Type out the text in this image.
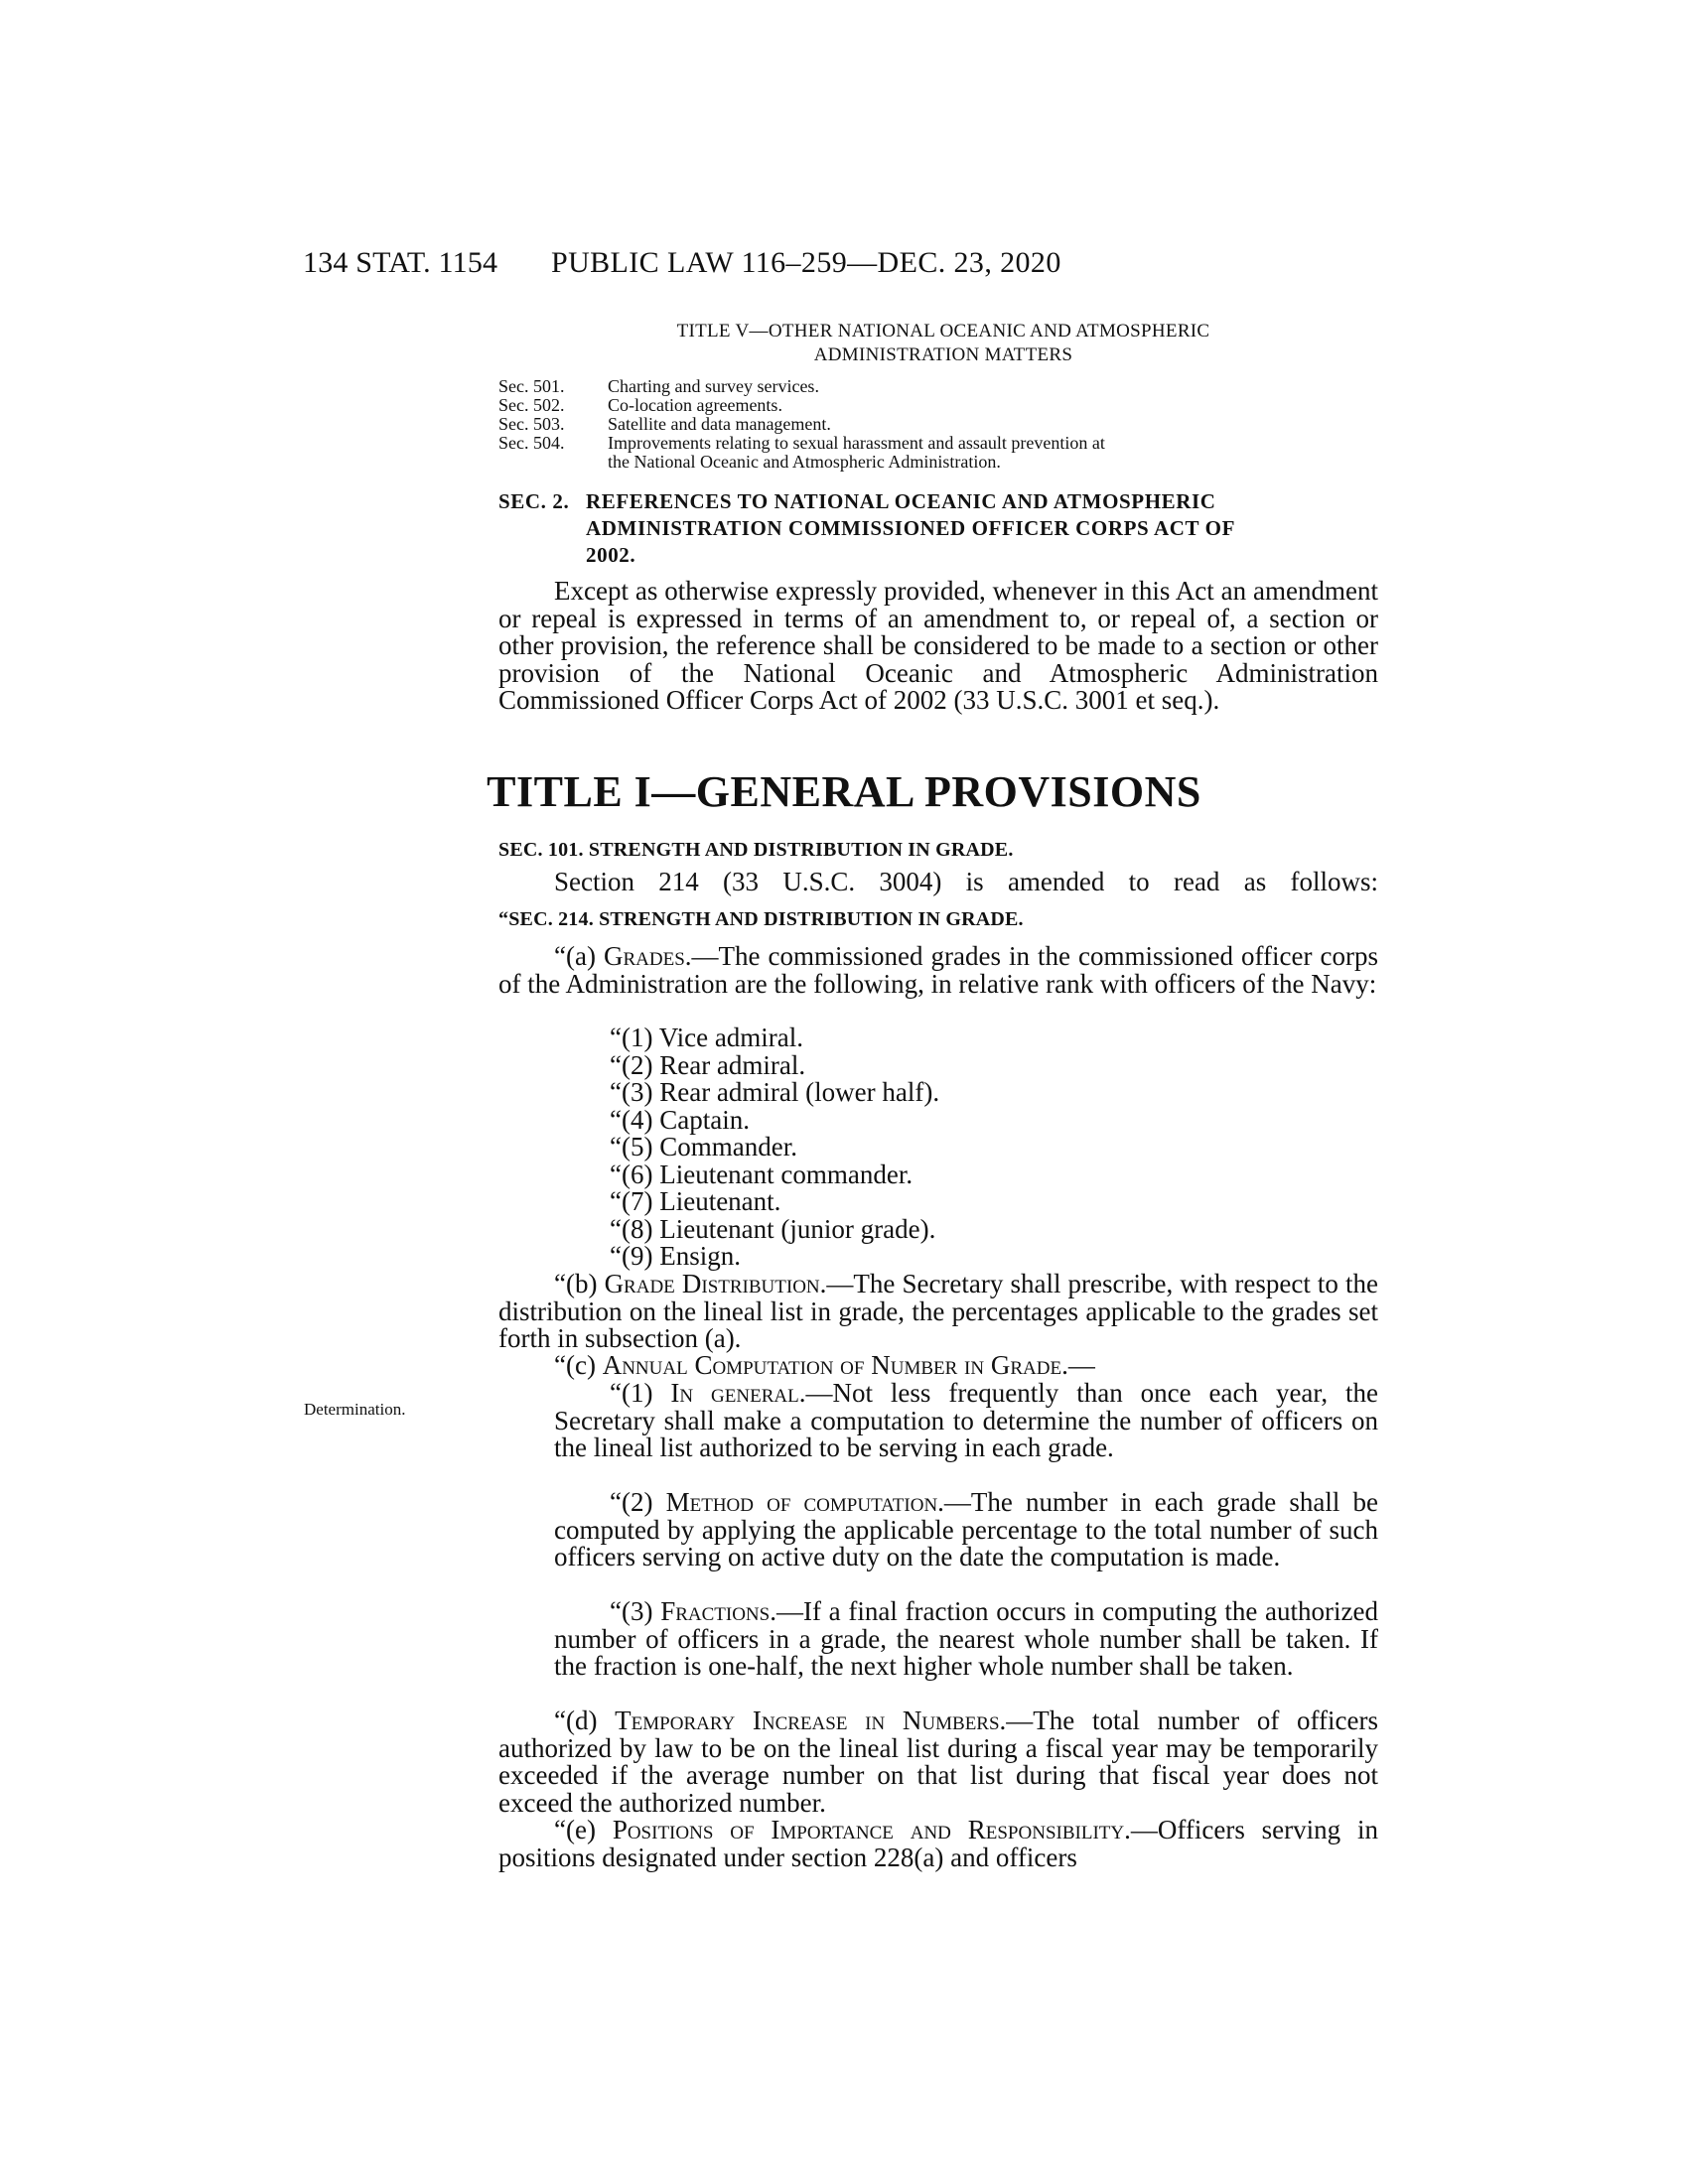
134 STAT. 1154 PUBLIC LAW 116–259—DEC. 23, 2020
TITLE V—OTHER NATIONAL OCEANIC AND ATMOSPHERIC
ADMINISTRATION MATTERS
Sec. 501.	Charting and survey services.
Sec. 502.	Co-location agreements.
Sec. 503.	Satellite and data management.
Sec. 504.	Improvements relating to sexual harassment and assault prevention at
the National Oceanic and Atmospheric Administration.
SEC. 2. REFERENCES TO NATIONAL OCEANIC AND ATMOSPHERIC
ADMINISTRATION COMMISSIONED OFFICER CORPS ACT OF
2002.
Except as otherwise expressly provided, whenever in this Act an amendment or repeal is expressed in terms of an amendment to, or repeal of, a section or other provision, the reference shall be considered to be made to a section or other provision of the National Oceanic and Atmospheric Administration Commissioned Officer Corps Act of 2002 (33 U.S.C. 3001 et seq.).
TITLE I—GENERAL PROVISIONS
SEC. 101. STRENGTH AND DISTRIBUTION IN GRADE.
Section 214 (33 U.S.C. 3004) is amended to read as follows:
“SEC. 214. STRENGTH AND DISTRIBUTION IN GRADE.
“(a) Grades.—The commissioned grades in the commissioned officer corps of the Administration are the following, in relative rank with officers of the Navy:
“(1) Vice admiral.
“(2) Rear admiral.
“(3) Rear admiral (lower half).
“(4) Captain.
“(5) Commander.
“(6) Lieutenant commander.
“(7) Lieutenant.
“(8) Lieutenant (junior grade).
“(9) Ensign.
“(b) Grade Distribution.—The Secretary shall prescribe, with respect to the distribution on the lineal list in grade, the percentages applicable to the grades set forth in subsection (a).
“(c) Annual Computation of Number in Grade.—
Determination.
“(1) In general.—Not less frequently than once each year, the Secretary shall make a computation to determine the number of officers on the lineal list authorized to be serving in each grade.
“(2) Method of computation.—The number in each grade shall be computed by applying the applicable percentage to the total number of such officers serving on active duty on the date the computation is made.
“(3) Fractions.—If a final fraction occurs in computing the authorized number of officers in a grade, the nearest whole number shall be taken. If the fraction is one-half, the next higher whole number shall be taken.
“(d) Temporary Increase in Numbers.—The total number of officers authorized by law to be on the lineal list during a fiscal year may be temporarily exceeded if the average number on that list during that fiscal year does not exceed the authorized number.
“(e) Positions of Importance and Responsibility.—Officers serving in positions designated under section 228(a) and officers
